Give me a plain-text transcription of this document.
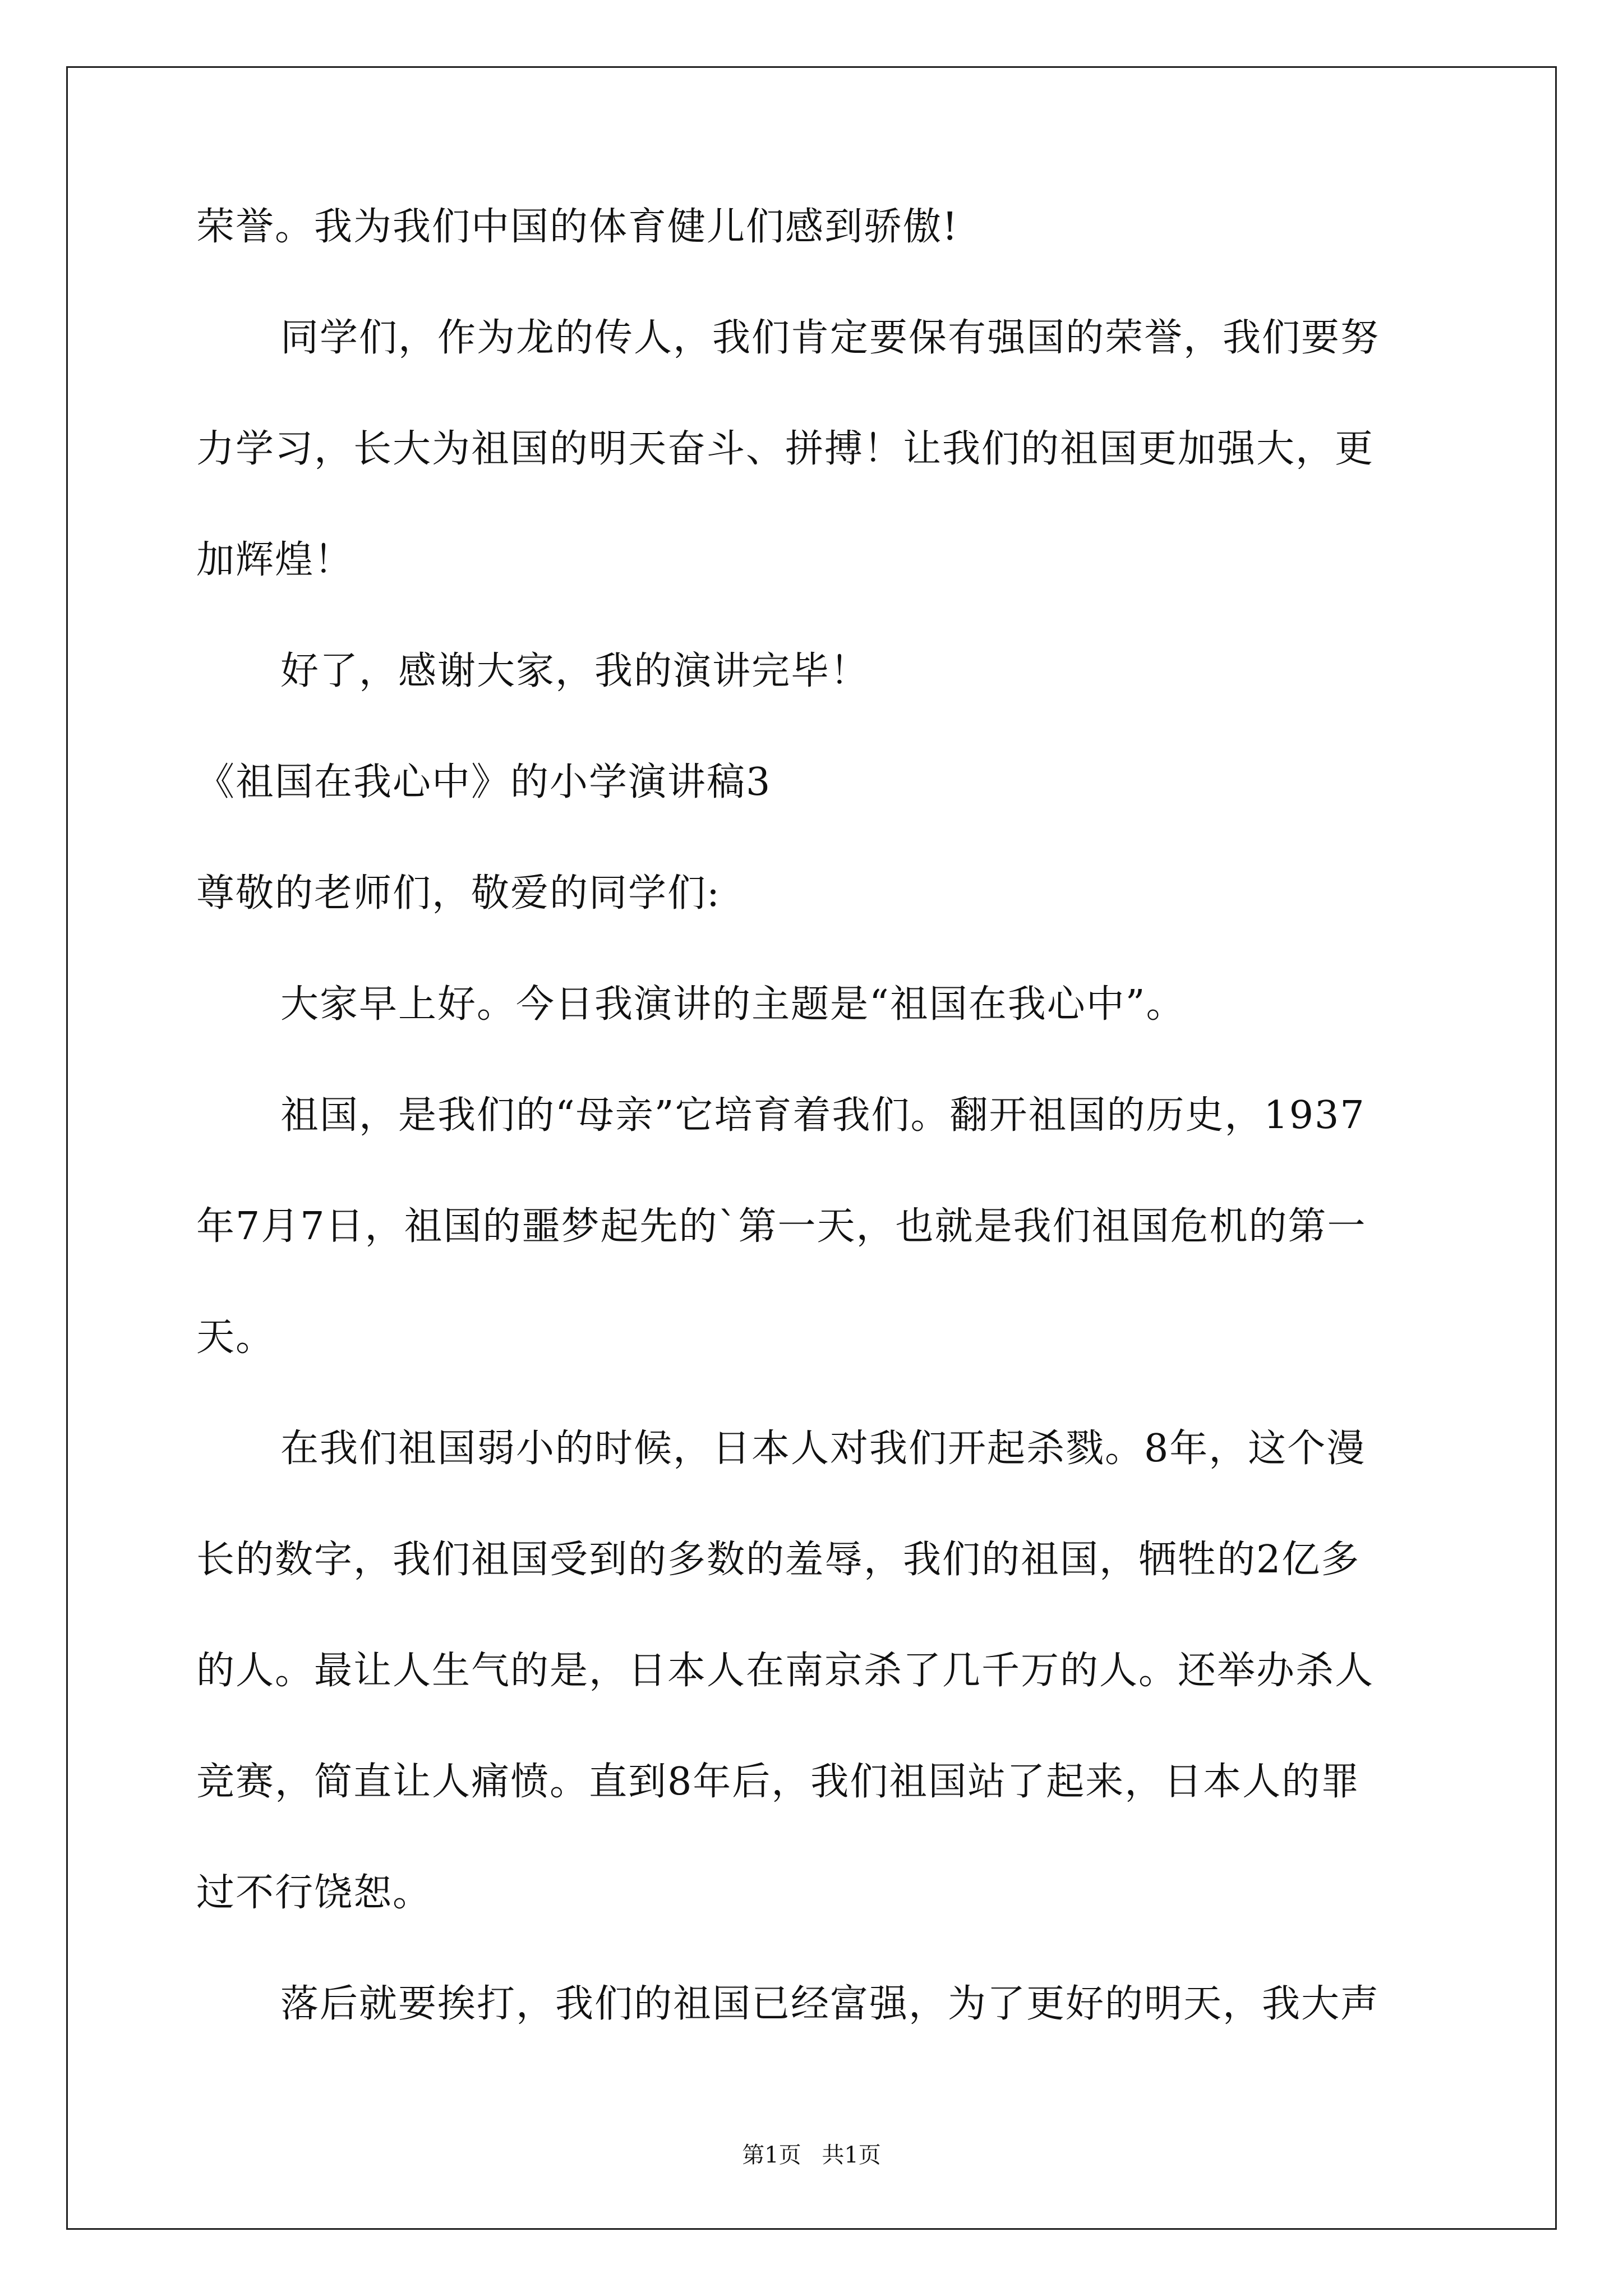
荣誉。我为我们中国的体育健儿们感到骄傲!
同学们，作为龙的传人，我们肯定要保有强国的荣誉，我们要努
力学习，长大为祖国的明天奋斗、拼搏！让我们的祖国更加强大，更
加辉煌！
好了，感谢大家，我的演讲完毕！
《祖国在我心中》的小学演讲稿3
尊敬的老师们，敬爱的同学们:
大家早上好。今日我演讲的主题是“祖国在我心中”。
祖国，是我们的“母亲”它培育着我们。翻开祖国的历史，1937
年7月7日，祖国的噩梦起先的`第一天，也就是我们祖国危机的第一
天。
在我们祖国弱小的时候，日本人对我们开起杀戮。8年，这个漫
长的数字，我们祖国受到的多数的羞辱，我们的祖国，牺牲的2亿多
的人。最让人生气的是，日本人在南京杀了几千万的人。还举办杀人
竞赛，简直让人痛愤。直到8年后，我们祖国站了起来，日本人的罪
过不行饶恕。
落后就要挨打，我们的祖国已经富强，为了更好的明天，我大声
第1页 共1页
